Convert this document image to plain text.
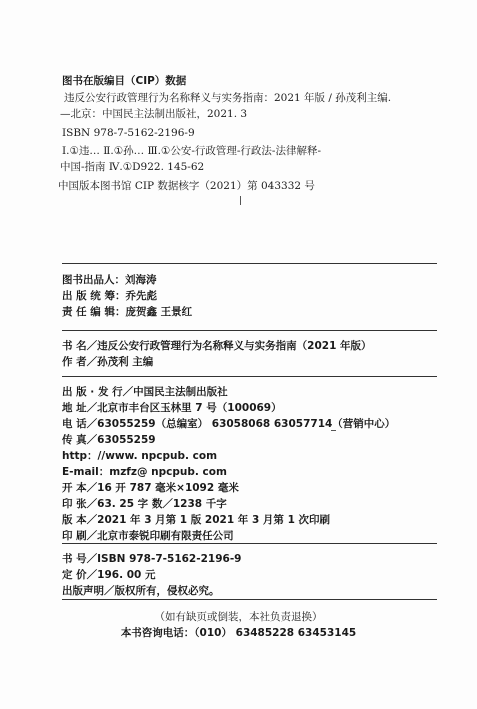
图书在版编目（CIP）数据
违反公安行政管理行为名称释义与实务指南：2021 年版 / 孙茂利主编.
—北京：中国民主法制出版社，2021. 3
ISBN 978-7-5162-2196-9
Ⅰ.①违… Ⅱ.①孙… Ⅲ.①公安-行政管理-行政法-法律解释-
中国-指南 Ⅳ.①D922. 145-62
中国版本图书馆 CIP 数据核字（2021）第 043332 号
图书出品人：刘海涛
出 版 统 筹：乔先彪
责 任 编 辑：庞贺鑫 王景红
书 名／违反公安行政管理行为名称释义与实务指南（2021 年版）
作 者／孙茂利 主编
出 版 · 发 行／中国民主法制出版社
地 址／北京市丰台区玉林里 7 号（100069）
电 话／63055259（总编室） 63058068 63057714（营销中心）
传 真／63055259
http：//www. npcpub. com
E-mail：mzfz@ npcpub. com
开 本／16 开 787 毫米×1092 毫米
印 张／63. 25 字 数／1238 千字
版 本／2021 年 3 月第 1 版 2021 年 3 月第 1 次印刷
印 刷／北京市泰锐印刷有限责任公司
书 号／ISBN 978-7-5162-2196-9
定 价／196. 00 元
出版声明／版权所有，侵权必究。
（如有缺页或倒装，本社负责退换）
本书咨询电话：（010） 63485228 63453145
